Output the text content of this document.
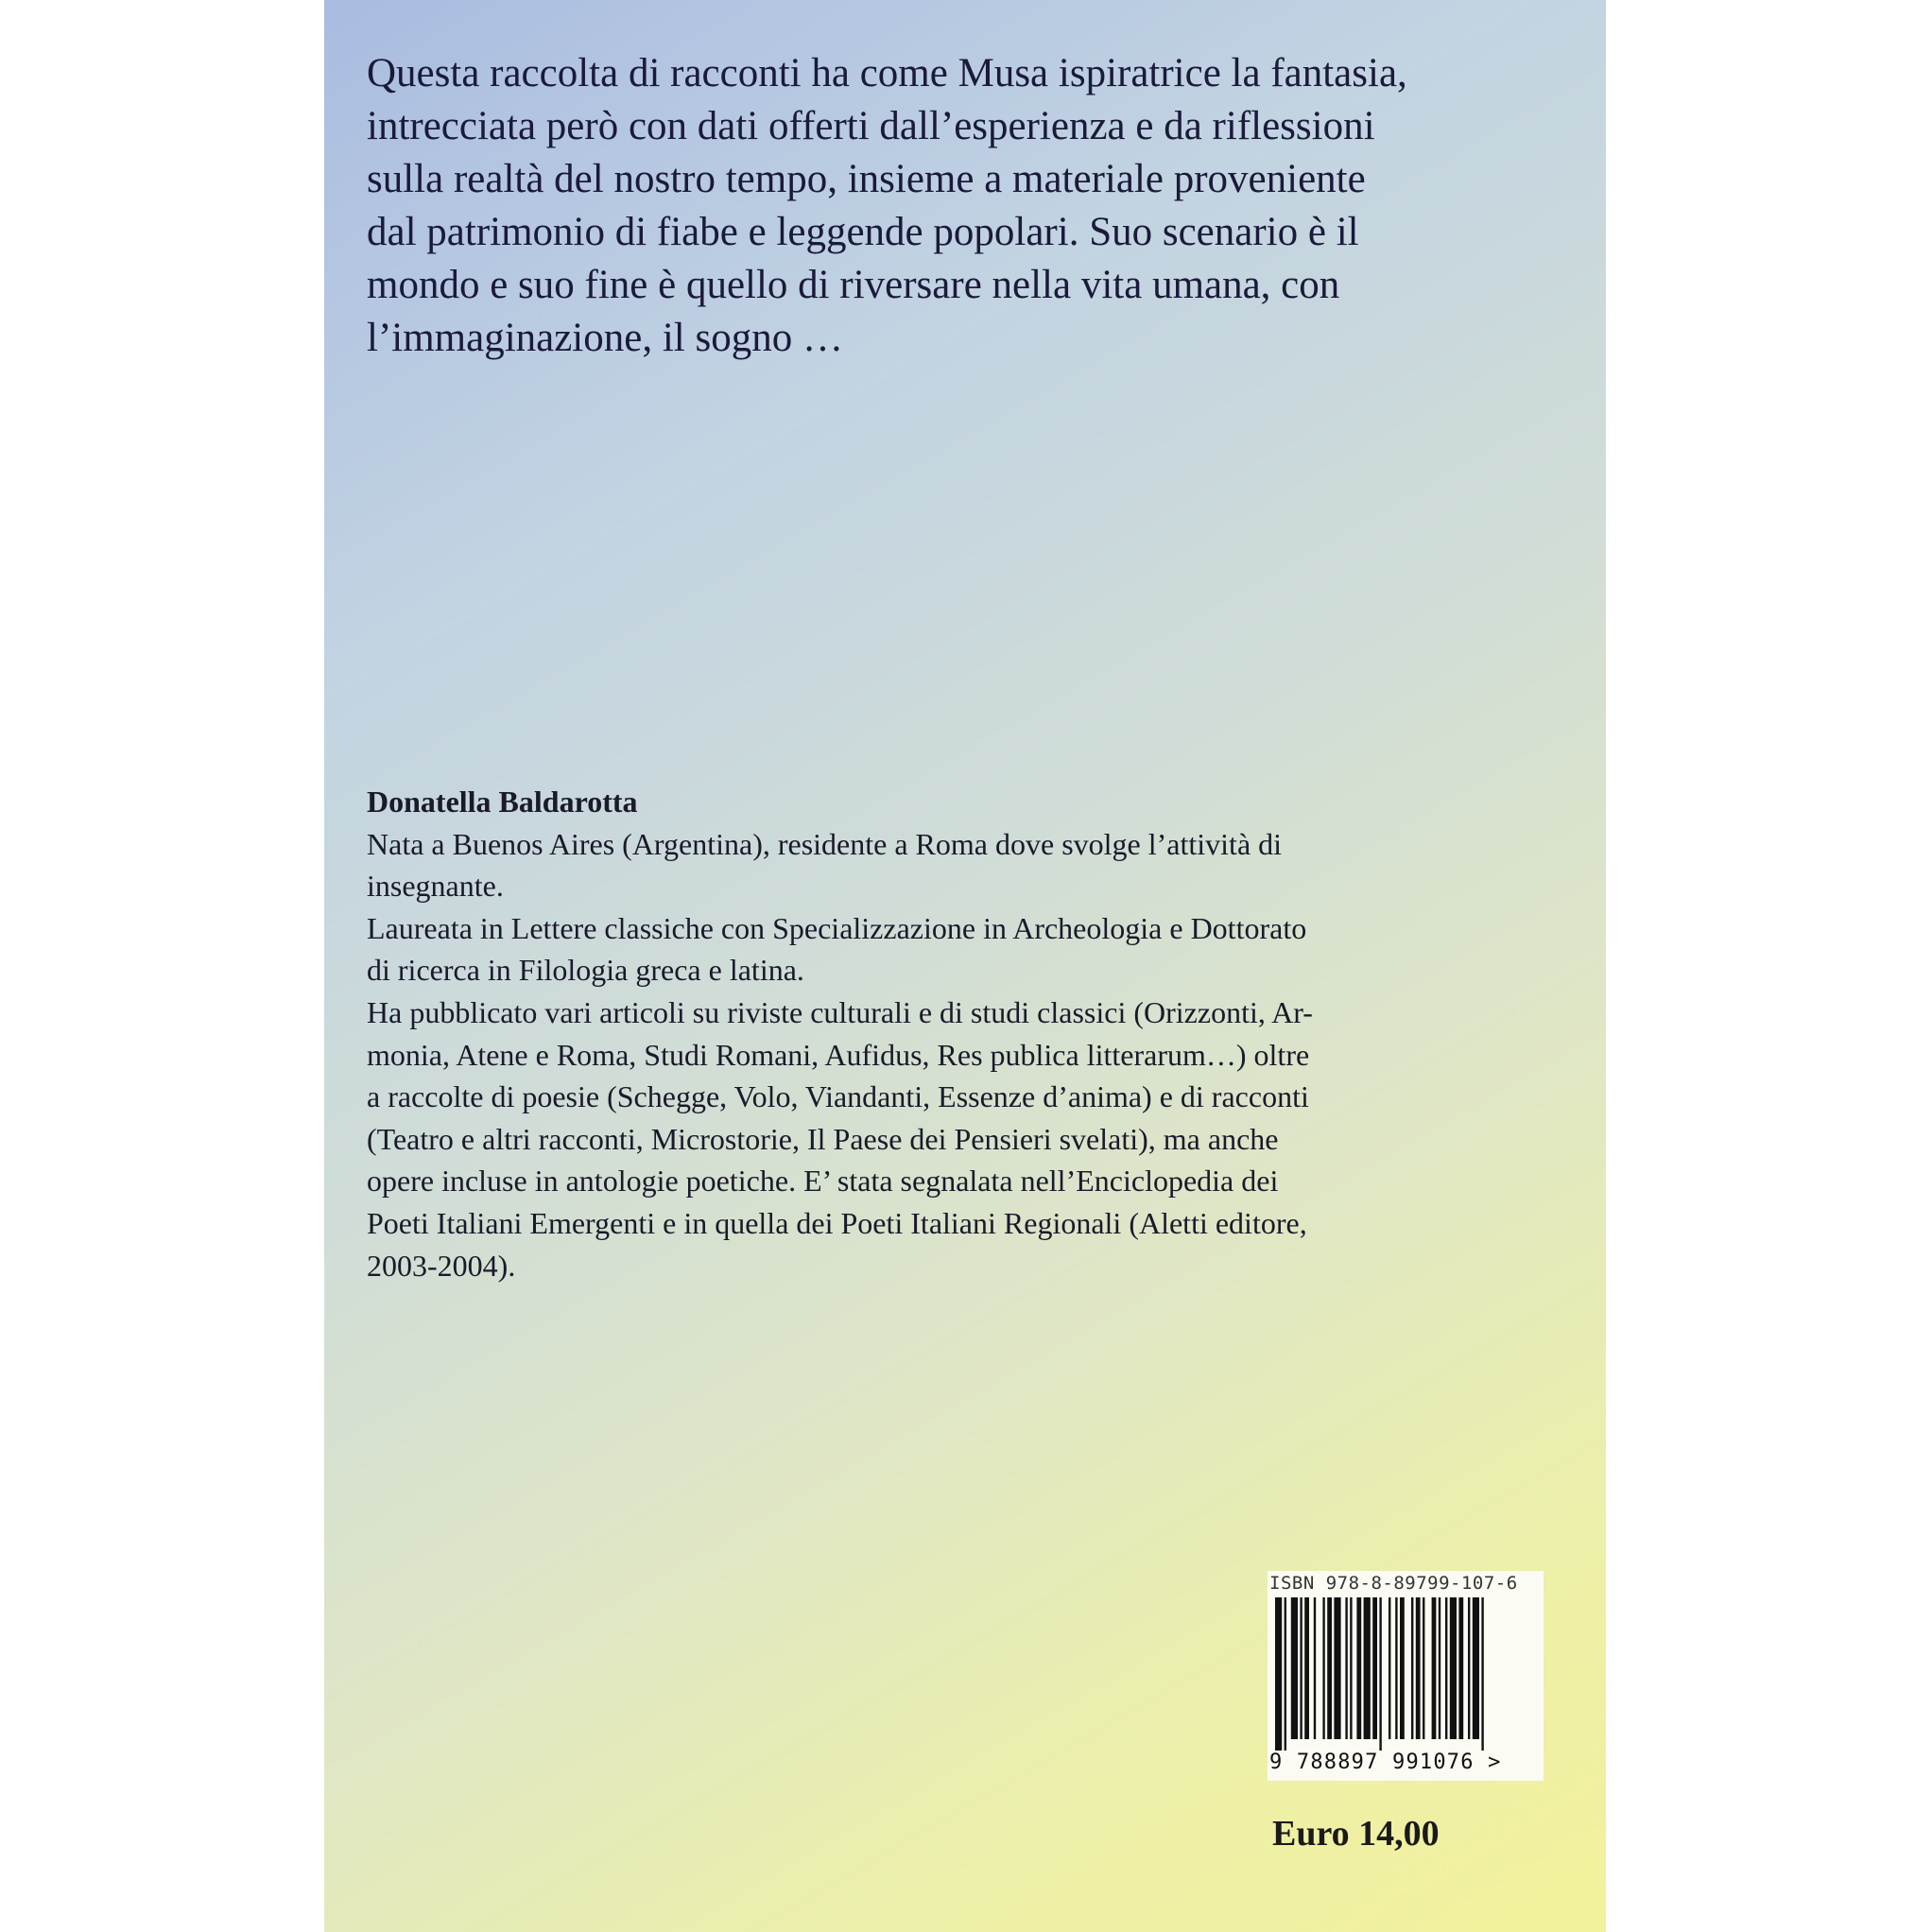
Questa raccolta di racconti ha come Musa ispiratrice la fantasia,
intrecciata però con dati offerti dall’esperienza e da riflessioni
sulla realtà del nostro tempo, insieme a materiale proveniente
dal patrimonio di fiabe e leggende popolari. Suo scenario è il
mondo e suo fine è quello di riversare nella vita umana, con
l’immaginazione, il sogno …
Donatella Baldarotta
Nata a Buenos Aires (Argentina), residente a Roma dove svolge l’attività di
insegnante.
Laureata in Lettere classiche con Specializzazione in Archeologia e Dottorato
di ricerca in Filologia greca e latina.
Ha pubblicato vari articoli su riviste culturali e di studi classici (Orizzonti, Ar-
monia, Atene e Roma, Studi Romani, Aufidus, Res publica litterarum…) oltre
a raccolte di poesie (Schegge, Volo, Viandanti, Essenze d’anima) e di racconti
(Teatro e altri racconti, Microstorie, Il Paese dei Pensieri svelati), ma anche
opere incluse in antologie poetiche. E’ stata segnalata nell’Enciclopedia dei
Poeti Italiani Emergenti e in quella dei Poeti Italiani Regionali (Aletti editore,
2003-2004).
ISBN 978-8-89799-107-6
9 788897 991076 >
Euro 14,00
